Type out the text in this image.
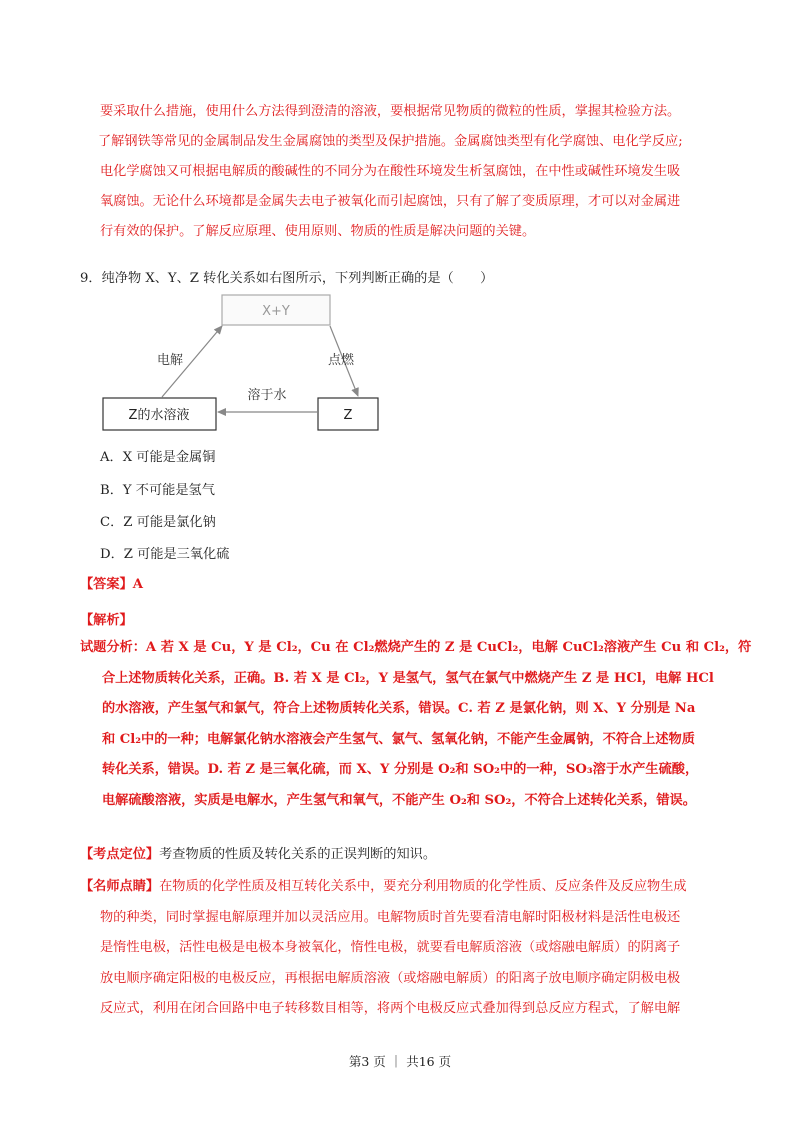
要采取什么措施，使用什么方法得到澄清的溶液，要根据常见物质的微粒的性质，掌握其检验方法。
了解钢铁等常见的金属制品发生金属腐蚀的类型及保护措施。金属腐蚀类型有化学腐蚀、电化学反应;
电化学腐蚀又可根据电解质的酸碱性的不同分为在酸性环境发生析氢腐蚀，在中性或碱性环境发生吸
氧腐蚀。无论什么环境都是金属失去电子被氧化而引起腐蚀，只有了解了变质原理，才可以对金属进
行有效的保护。了解反应原理、使用原则、物质的性质是解决问题的关键。
9．纯净物 X、Y、Z 转化关系如右图所示，下列判断正确的是（　　）
X+Y
Z的水溶液	Z
电解	点燃
溶于水
A．X 可能是金属铜
B．Y 不可能是氢气
C．Z 可能是氯化钠
D．Z 可能是三氧化硫
【答案】A
【解析】
试题分析：A 若 X 是 Cu，Y 是 Cl₂，Cu 在 Cl₂燃烧产生的 Z 是 CuCl₂，电解 CuCl₂溶液产生 Cu 和 Cl₂，符
合上述物质转化关系，正确。B. 若 X 是 Cl₂，Y 是氢气，氢气在氯气中燃烧产生 Z 是 HCl，电解 HCl
的水溶液，产生氢气和氯气，符合上述物质转化关系，错误。C. 若 Z 是氯化钠，则 X、Y 分别是 Na
和 Cl₂中的一种；电解氯化钠水溶液会产生氢气、氯气、氢氧化钠，不能产生金属钠，不符合上述物质
转化关系，错误。D. 若 Z 是三氧化硫，而 X、Y 分别是 O₂和 SO₂中的一种，SO₃溶于水产生硫酸，
电解硫酸溶液，实质是电解水，产生氢气和氧气，不能产生 O₂和 SO₂，不符合上述转化关系，错误。
【考点定位】考查物质的性质及转化关系的正误判断的知识。
【名师点睛】在物质的化学性质及相互转化关系中，要充分利用物质的化学性质、反应条件及反应物生成
物的种类，同时掌握电解原理并加以灵活应用。电解物质时首先要看清电解时阳极材料是活性电极还
是惰性电极，活性电极是电极本身被氧化，惰性电极，就要看电解质溶液（或熔融电解质）的阴离子
放电顺序确定阳极的电极反应，再根据电解质溶液（或熔融电解质）的阳离子放电顺序确定阴极电极
反应式，利用在闭合回路中电子转移数目相等，将两个电极反应式叠加得到总反应方程式，了解电解
第3 页 ｜ 共16 页
